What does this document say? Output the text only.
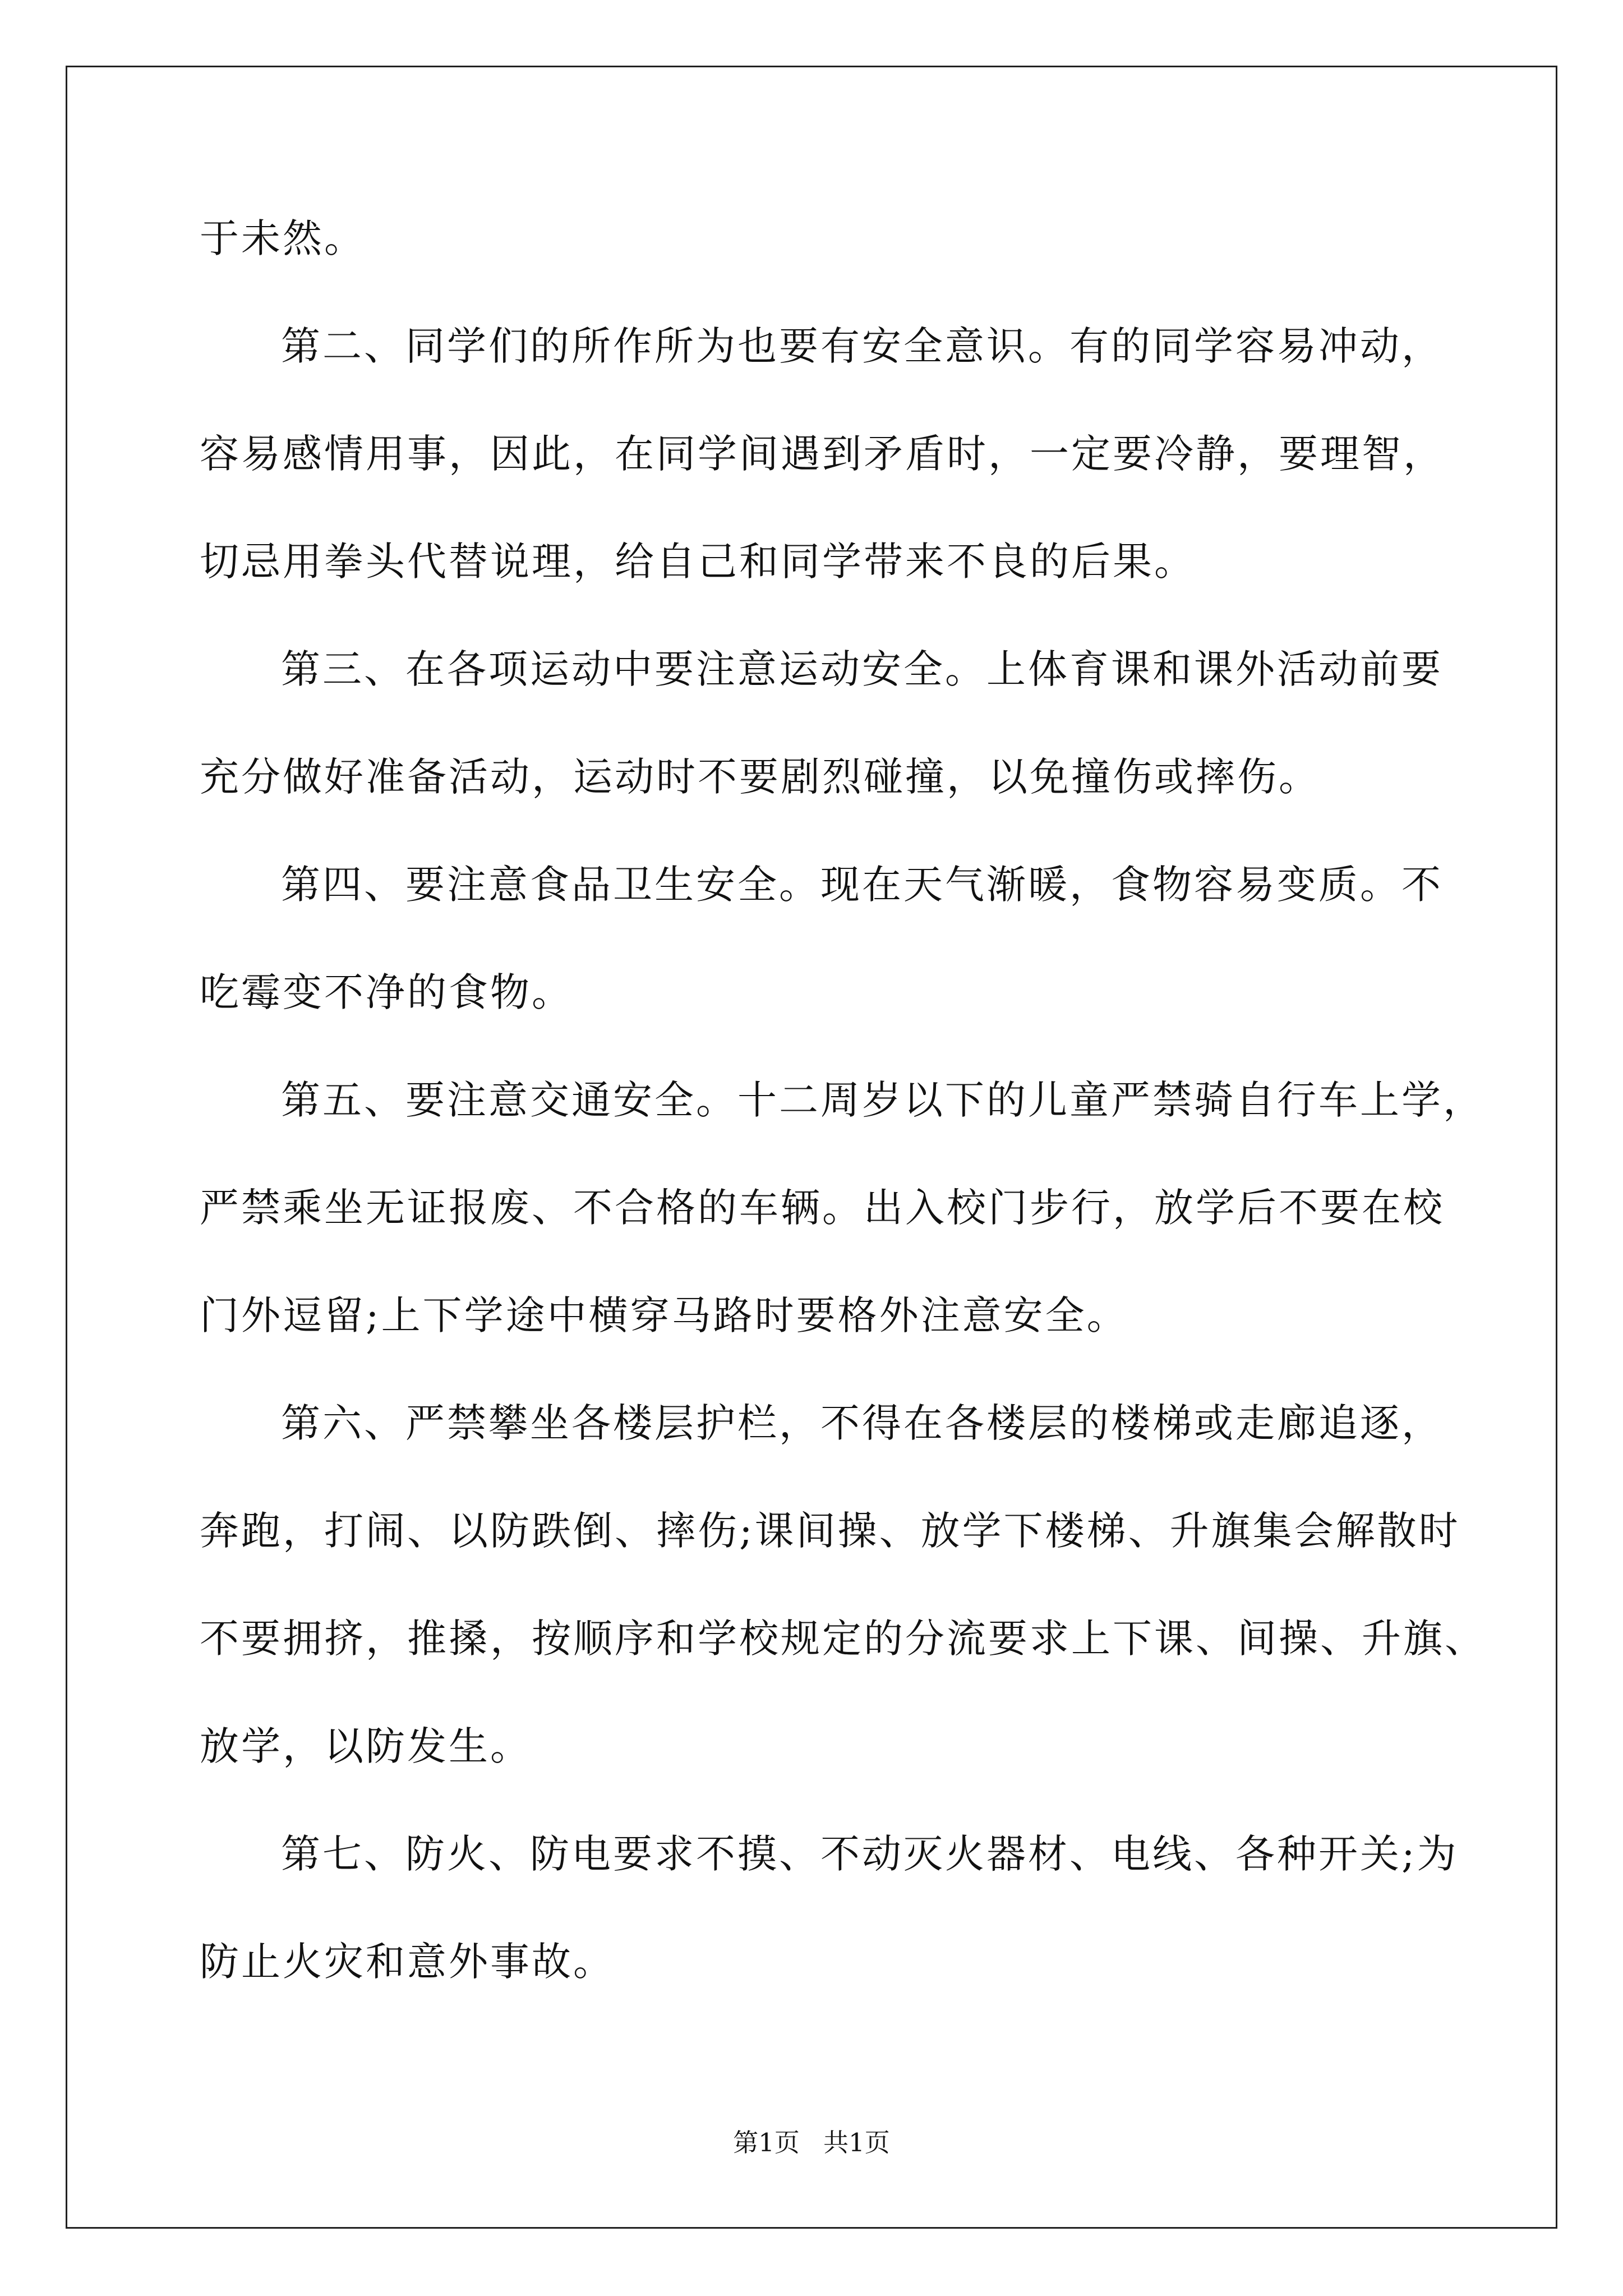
于未然。
第二、同学们的所作所为也要有安全意识。有的同学容易冲动，
容易感情用事，因此，在同学间遇到矛盾时，一定要冷静，要理智，
切忌用拳头代替说理，给自己和同学带来不良的后果。
第三、在各项运动中要注意运动安全。上体育课和课外活动前要
充分做好准备活动，运动时不要剧烈碰撞，以免撞伤或摔伤。
第四、要注意食品卫生安全。现在天气渐暖，食物容易变质。不
吃霉变不净的食物。
第五、要注意交通安全。十二周岁以下的儿童严禁骑自行车上学，
严禁乘坐无证报废、不合格的车辆。出入校门步行，放学后不要在校
门外逗留;上下学途中横穿马路时要格外注意安全。
第六、严禁攀坐各楼层护栏，不得在各楼层的楼梯或走廊追逐，
奔跑，打闹、以防跌倒、摔伤;课间操、放学下楼梯、升旗集会解散时
不要拥挤，推搡，按顺序和学校规定的分流要求上下课、间操、升旗、
放学，以防发生。
第七、防火、防电要求不摸、不动灭火器材、电线、各种开关;为
防止火灾和意外事故。
第1页 共1页
